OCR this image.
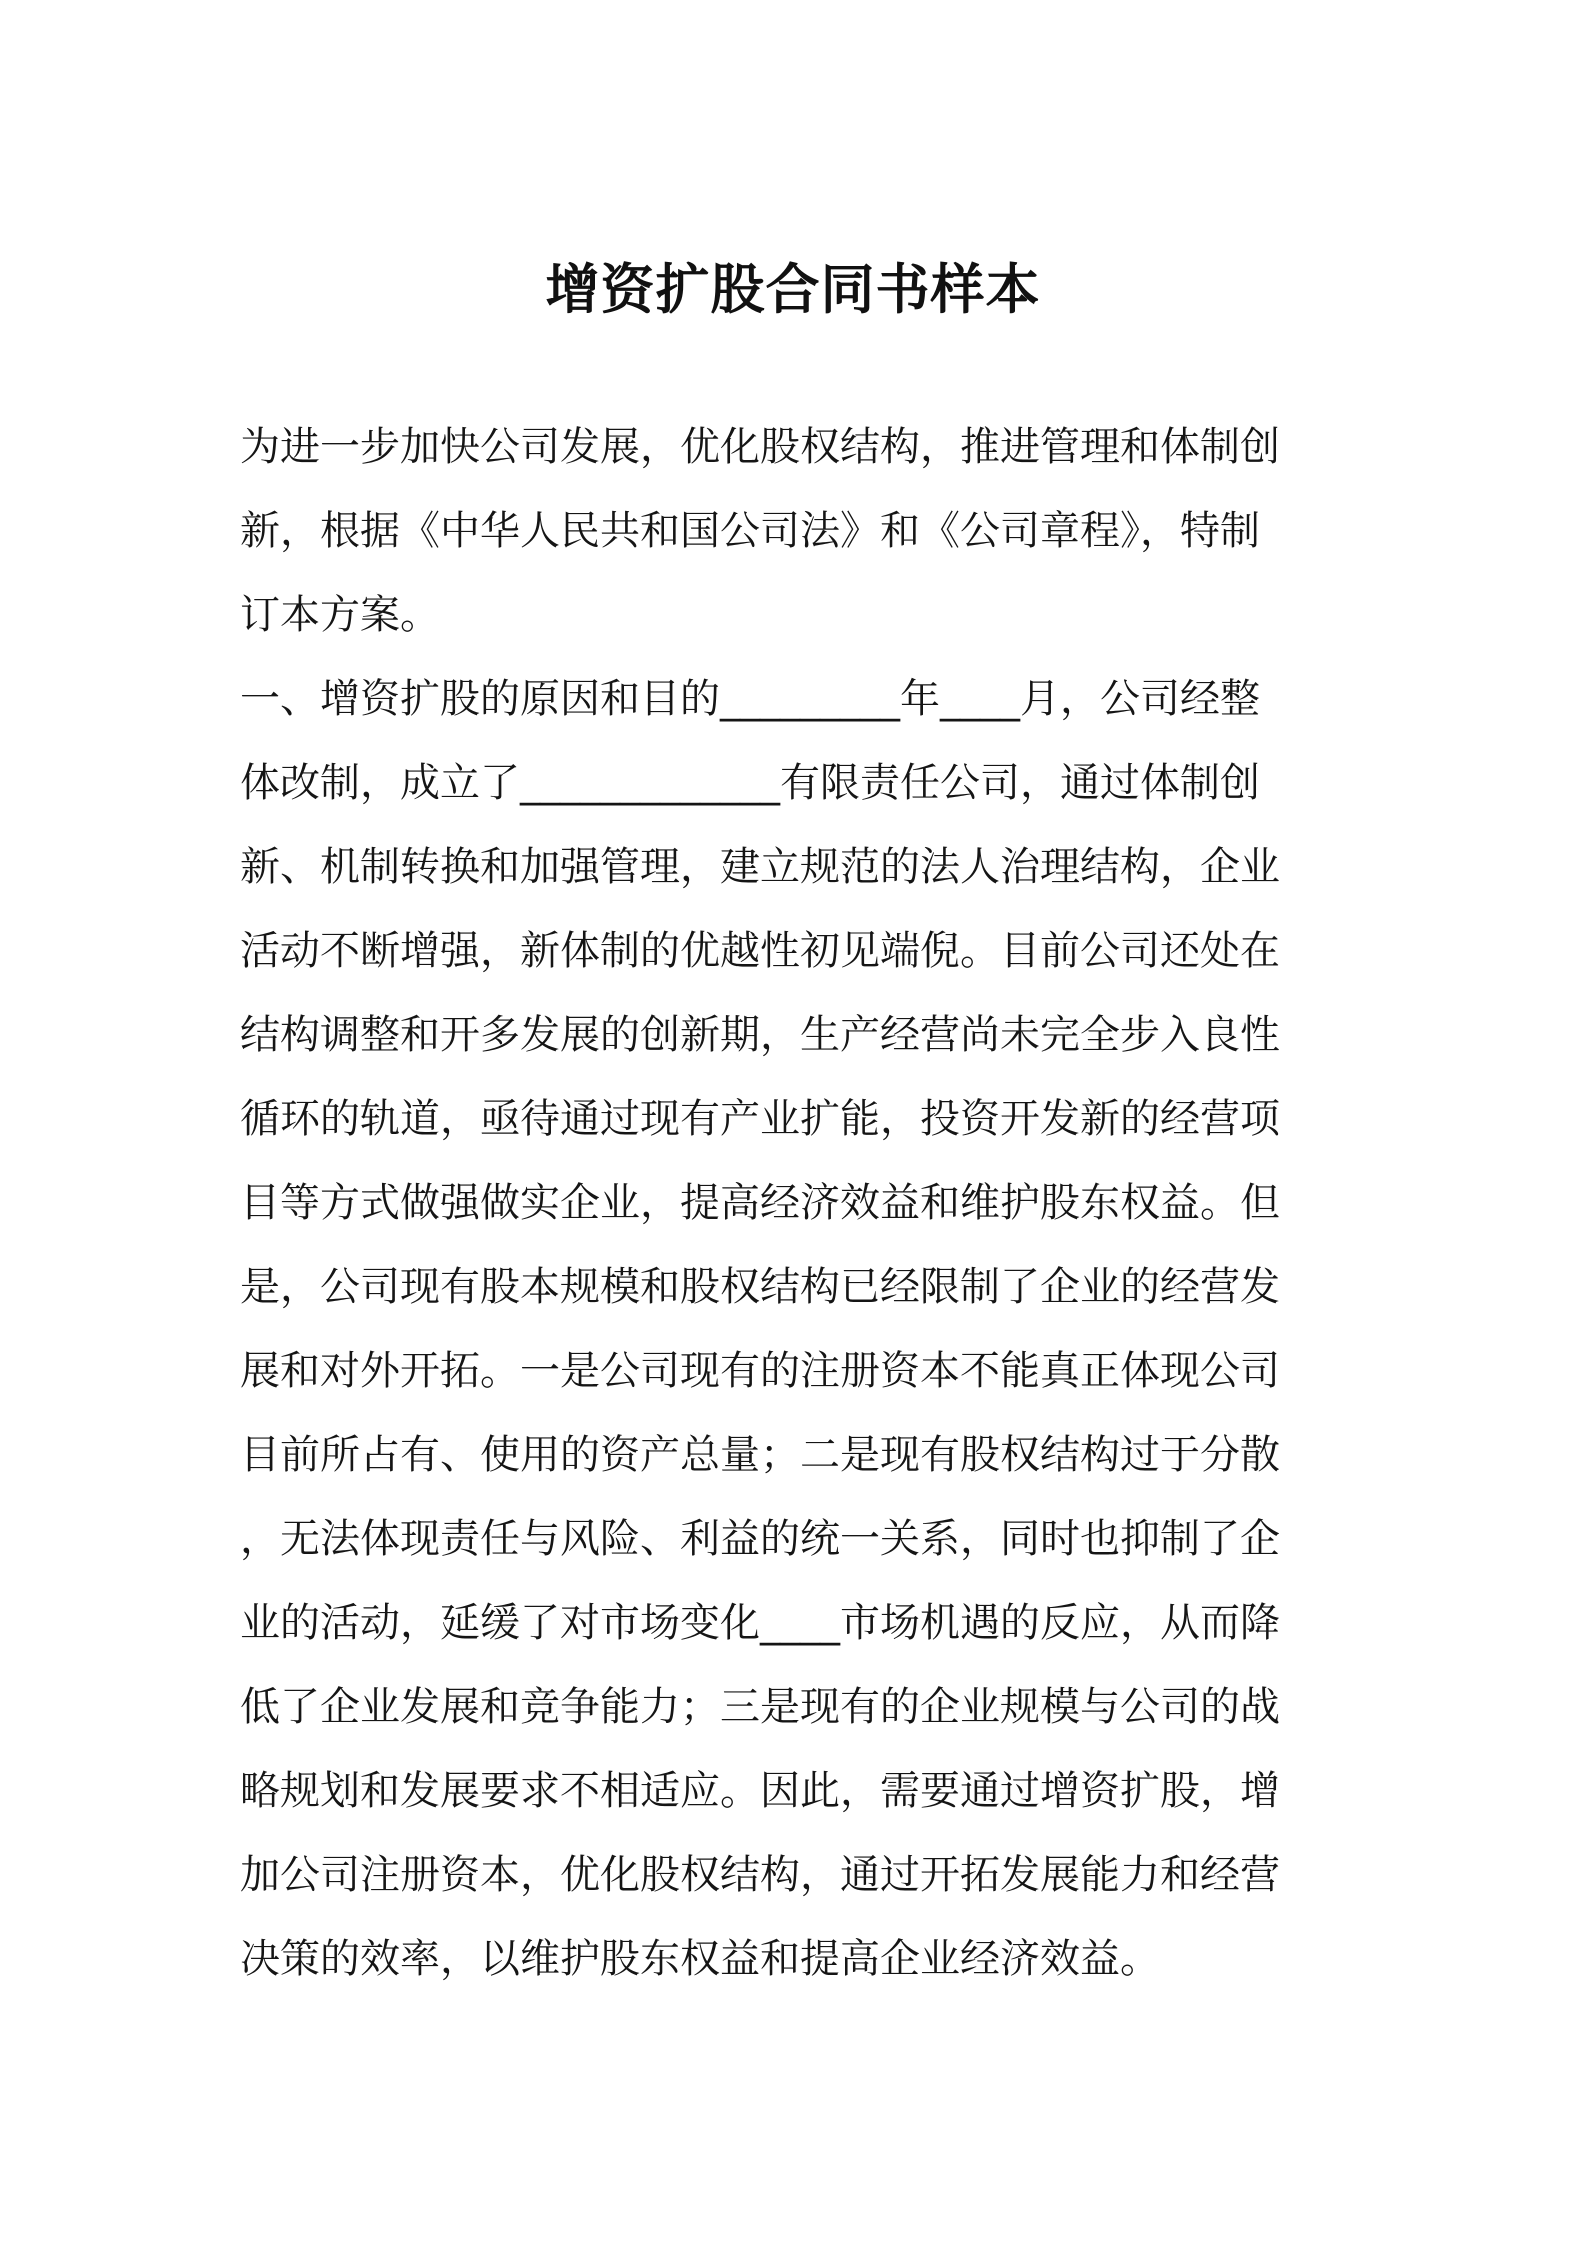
增资扩股合同书样本
为进一步加快公司发展，优化股权结构，推进管理和体制创
新，根据《中华人民共和国公司法》和《公司章程》，特制
订本方案。
一、增资扩股的原因和目的_________年____月，公司经整
体改制，成立了_____________有限责任公司，通过体制创
新、机制转换和加强管理，建立规范的法人治理结构，企业
活动不断增强，新体制的优越性初见端倪。目前公司还处在
结构调整和开多发展的创新期，生产经营尚未完全步入良性
循环的轨道，亟待通过现有产业扩能，投资开发新的经营项
目等方式做强做实企业，提高经济效益和维护股东权益。但
是，公司现有股本规模和股权结构已经限制了企业的经营发
展和对外开拓。一是公司现有的注册资本不能真正体现公司
目前所占有、使用的资产总量；二是现有股权结构过于分散
，无法体现责任与风险、利益的统一关系，同时也抑制了企
业的活动，延缓了对市场变化____市场机遇的反应，从而降
低了企业发展和竞争能力；三是现有的企业规模与公司的战
略规划和发展要求不相适应。因此，需要通过增资扩股，增
加公司注册资本，优化股权结构，通过开拓发展能力和经营
决策的效率，以维护股东权益和提高企业经济效益。
